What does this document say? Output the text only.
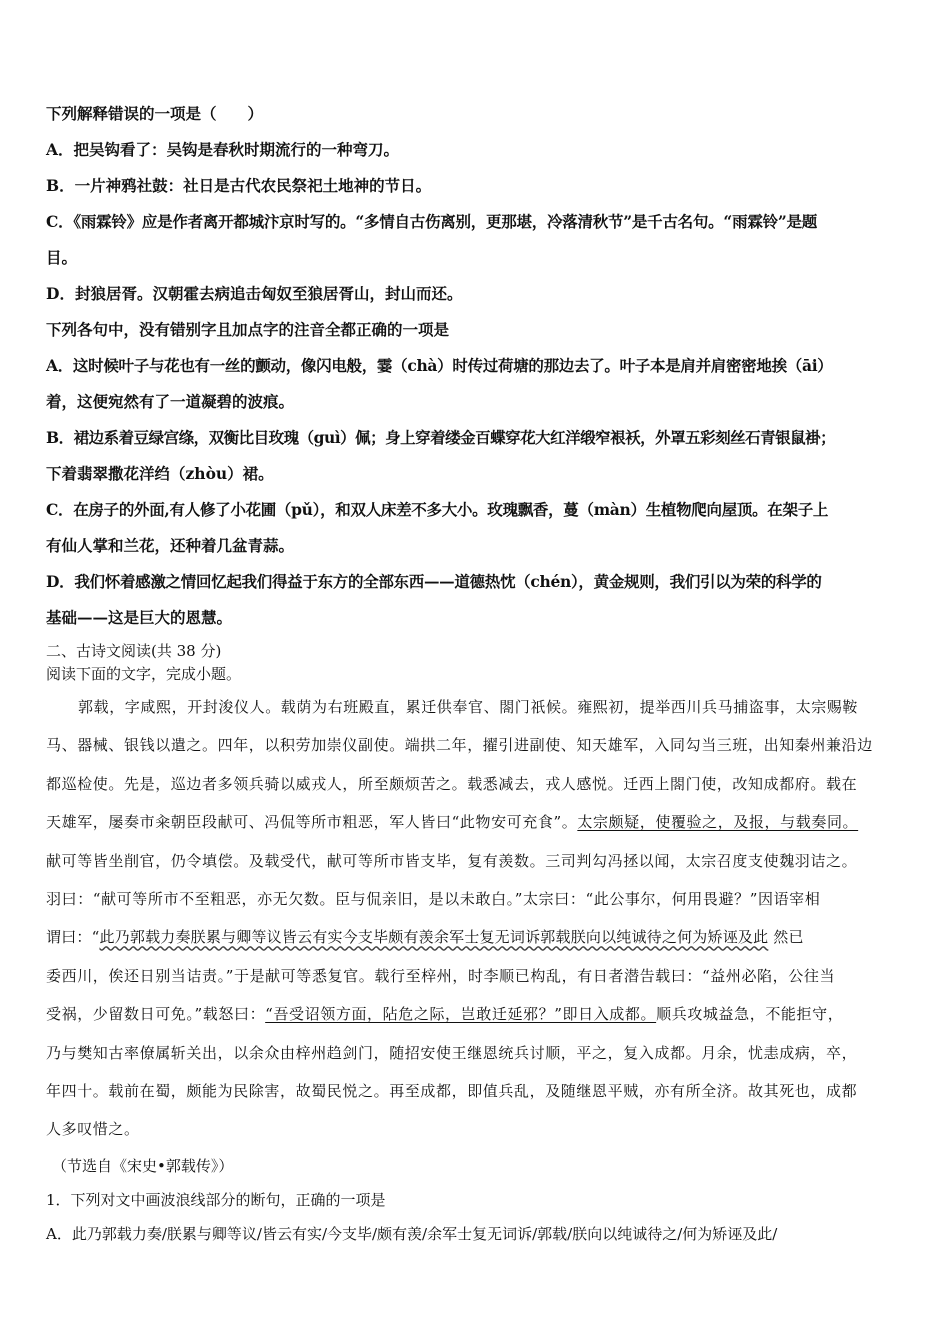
下列解释错误的一项是（　　）
A．把吴钩看了：吴钩是春秋时期流行的一种弯刀。
B．一片神鸦社鼓：社日是古代农民祭祀土地神的节日。
C．《雨霖铃》应是作者离开都城汴京时写的。“多情自古伤离别，更那堪，冷落清秋节”是千古名句。“雨霖铃”是题
目。
D．封狼居胥。汉朝霍去病追击匈奴至狼居胥山，封山而还。
下列各句中，没有错别字且加点字的注音全都正确的一项是
A．这时候叶子与花也有一丝的颤动，像闪电般，霎（chà）时传过荷塘的那边去了。叶子本是肩并肩密密地挨（āi）
着，这便宛然有了一道凝碧的波痕。
B．裙边系着豆绿宫绦，双衡比目玫瑰（guì）佩；身上穿着缕金百蝶穿花大红洋缎窄裉袄，外罩五彩刻丝石青银鼠褂；
下着翡翠撒花洋绉（zhòu）裙。
C．在房子的外面,有人修了小花圃（pǔ），和双人床差不多大小。玫瑰飘香，蔓（màn）生植物爬向屋顶。在架子上
有仙人掌和兰花，还种着几盆青蒜。
D．我们怀着感激之情回忆起我们得益于东方的全部东西——道德热忱（chén），黄金规则，我们引以为荣的科学的
基础——这是巨大的恩慧。
二、古诗文阅读(共 38 分)
阅读下面的文字，完成小题。
郭载，字咸熙，开封浚仪人。载荫为右班殿直，累迁供奉官、閤门祇候。雍熙初，提举西川兵马捕盗事，太宗赐鞍
马、器械、银钱以遣之。四年，以积劳加崇仪副使。端拱二年，擢引进副使、知天雄军，入同勾当三班，出知秦州兼沿边
都巡检使。先是，巡边者多领兵骑以威戎人，所至颇烦苦之。载悉减去，戎人感悦。迁西上閤门使，改知成都府。载在
天雄军，屡奏市籴朝臣段献可、冯侃等所市粗恶，军人皆曰“此物安可充食”。太宗颇疑，使覆验之，及报，与载奏同。
献可等皆坐削官，仍令填偿。及载受代，献可等所市皆支毕，复有羡数。三司判勾冯拯以闻，太宗召度支使魏羽诘之。
羽曰：“献可等所市不至粗恶，亦无欠数。臣与侃亲旧，是以未敢白。”太宗曰：“此公事尔，何用畏避？”因语宰相
谓曰：“此乃郭载力奏朕累与卿等议皆云有实今支毕颇有羡余军士复无词诉郭载朕向以纯诚待之何为矫诬及此 然已
委西川，俟还日别当诘责。”于是献可等悉复官。载行至梓州，时李顺已构乱，有日者潜告载曰：“益州必陷，公往当
受祸，少留数日可免。”载怒曰：“吾受诏领方面，阽危之际，岂敢迁延邪？”即日入成都。顺兵攻城益急，不能拒守，
乃与樊知古率僚属斩关出，以余众由梓州趋剑门，随招安使王继恩统兵讨顺，平之，复入成都。月余，忧恚成病，卒，
年四十。载前在蜀，颇能为民除害，故蜀民悦之。再至成都，即值兵乱，及随继恩平贼，亦有所全济。故其死也，成都
人多叹惜之。
（节选自《宋史•郭载传》）
1．下列对文中画波浪线部分的断句，正确的一项是
A．此乃郭载力奏/朕累与卿等议/皆云有实/今支毕/颇有羡/余军士复无词诉/郭载/朕向以纯诚待之/何为矫诬及此/
